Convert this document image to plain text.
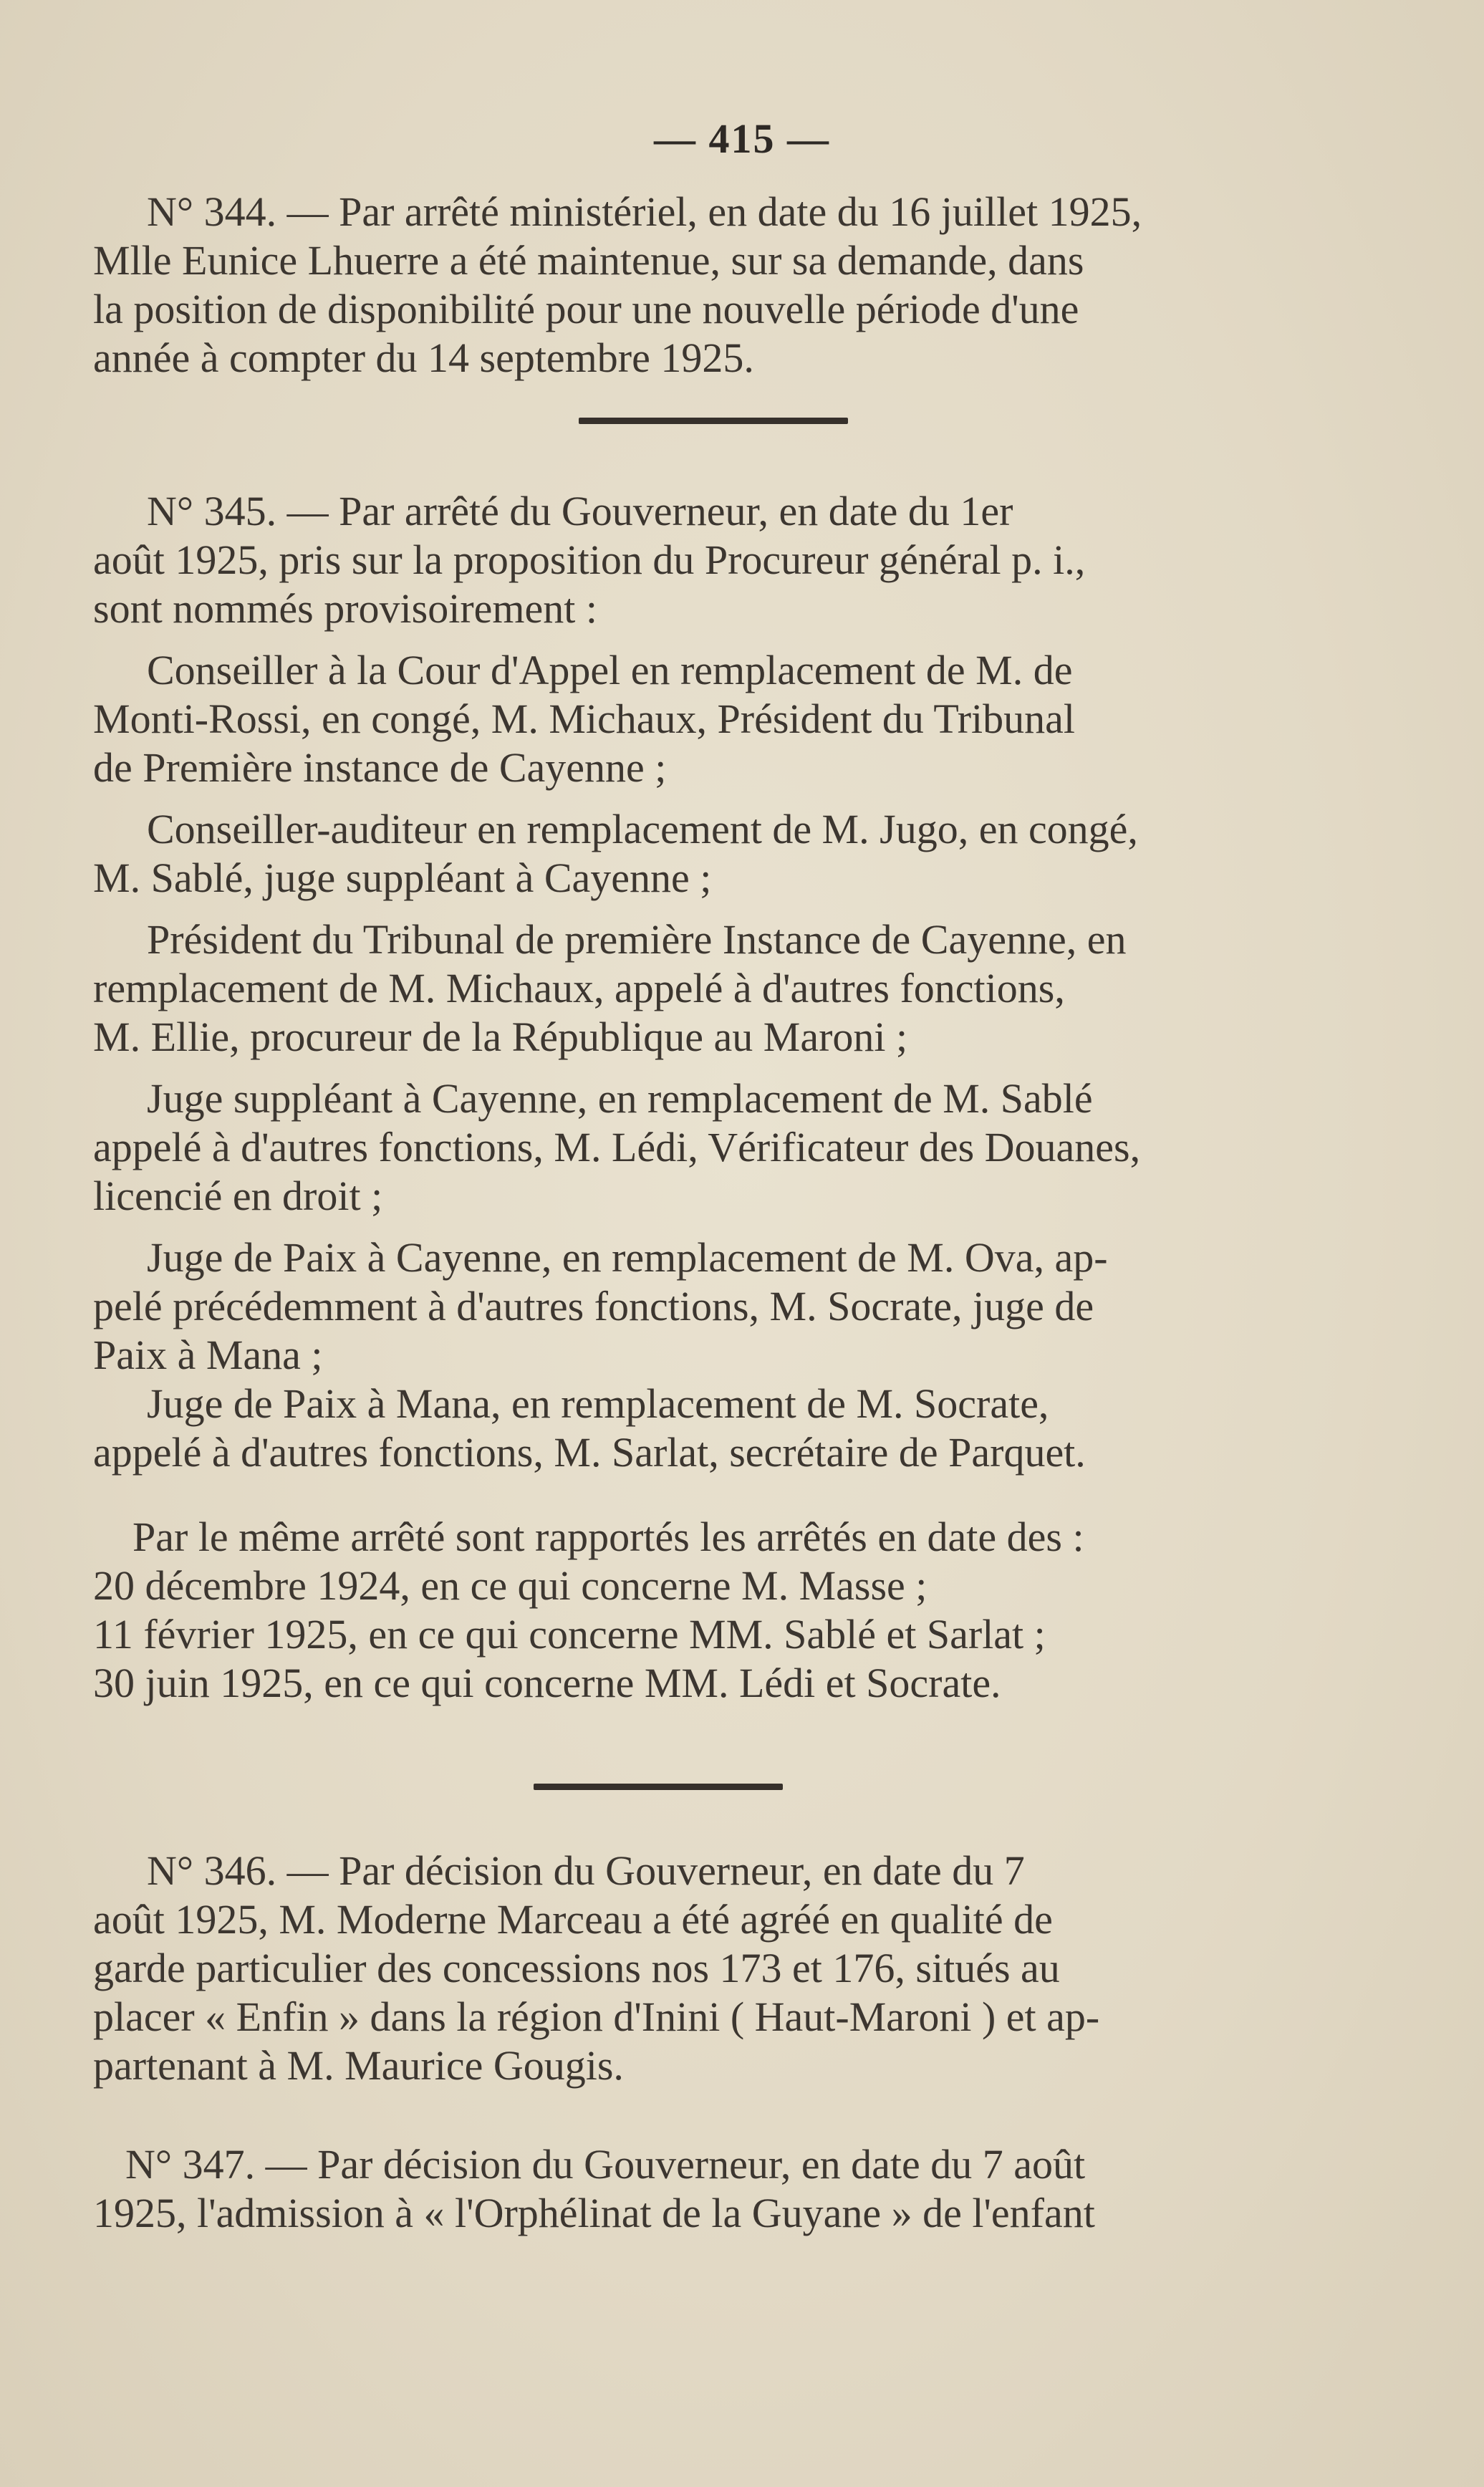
— 415 —
N° 344. — Par arrêté ministériel, en date du 16 juillet 1925,
Mlle Eunice Lhuerre a été maintenue, sur sa demande, dans
la position de disponibilité pour une nouvelle période d'une
année à compter du 14 septembre 1925.
N° 345. — Par arrêté du Gouverneur, en date du 1er
août 1925, pris sur la proposition du Procureur général p. i.,
sont nommés provisoirement :
Conseiller à la Cour d'Appel en remplacement de M. de
Monti-Rossi, en congé, M. Michaux, Président du Tribunal
de Première instance de Cayenne ;
Conseiller-auditeur en remplacement de M. Jugo, en congé,
M. Sablé, juge suppléant à Cayenne ;
Président du Tribunal de première Instance de Cayenne, en
remplacement de M. Michaux, appelé à d'autres fonctions,
M. Ellie, procureur de la République au Maroni ;
Juge suppléant à Cayenne, en remplacement de M. Sablé
appelé à d'autres fonctions, M. Lédi, Vérificateur des Douanes,
licencié en droit ;
Juge de Paix à Cayenne, en remplacement de M. Ova, ap-
pelé précédemment à d'autres fonctions, M. Socrate, juge de
Paix à Mana ;
Juge de Paix à Mana, en remplacement de M. Socrate,
appelé à d'autres fonctions, M. Sarlat, secrétaire de Parquet.
Par le même arrêté sont rapportés les arrêtés en date des :
20 décembre 1924, en ce qui concerne M. Masse ;
11 février 1925, en ce qui concerne MM. Sablé et Sarlat ;
30 juin 1925, en ce qui concerne MM. Lédi et Socrate.
N° 346. — Par décision du Gouverneur, en date du 7
août 1925, M. Moderne Marceau a été agréé en qualité de
garde particulier des concessions nos 173 et 176, situés au
placer « Enfin » dans la région d'Inini ( Haut-Maroni ) et ap-
partenant à M. Maurice Gougis.
N° 347. — Par décision du Gouverneur, en date du 7 août
1925, l'admission à « l'Orphélinat de la Guyane » de l'enfant
